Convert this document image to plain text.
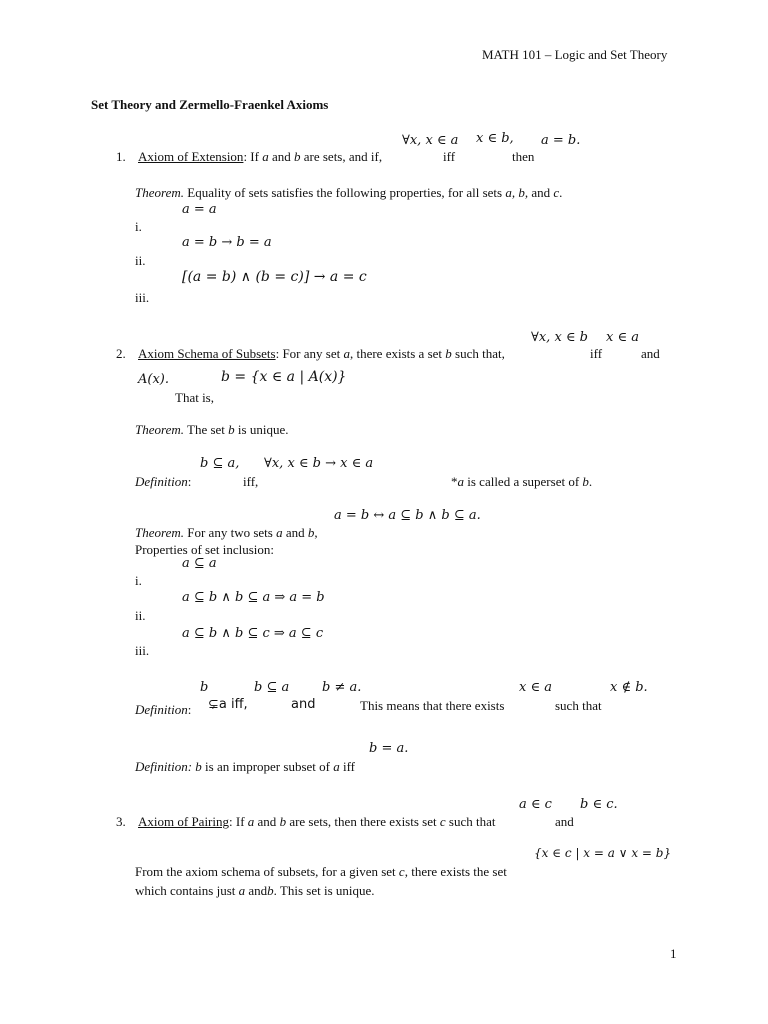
MATH 101 – Logic and Set Theory
Set Theory and Zermello-Fraenkel Axioms
∀x, x ∈ a x ∈ b, a = b.
1. Axiom of Extension: If a and b are sets, and if,	iff	then
Theorem. Equality of sets satisfies the following properties, for all sets a, b, and c.
a = a
i.
a = b → b = a
ii.
[(a = b) ∧ (b = c)] → a = c
iii.
∀x, x ∈ b x ∈ a
2. Axiom Schema of Subsets: For any set a, there exists a set b such that,	iff	and
A(x).	b = {x ∈ a | A(x)}
That is,
Theorem. The set b is unique.
b ⊆ a, ∀x, x ∈ b → x ∈ a
Definition:	iff,	*a is called a superset of b.
a = b ↔ a ⊆ b ∧ b ⊆ a.
Theorem. For any two sets a and b,
Properties of set inclusion:
a ⊆ a
i.
a ⊆ b ∧ b ⊆ a ⇒ a = b
ii.
a ⊆ b ∧ b ⊆ c ⇒ a ⊆ c
iii.
b	b ⊆ a	b ≠ a.	x ∈ a	x ∉ b.
Definition: ⊊a iff,	and	This means that there exists	such that
b = a.
Definition: b is an improper subset of a iff
a ∈ c b ∈ c.
3. Axiom of Pairing: If a and b are sets, then there exists set c such that	and
{x ∈ c | x = a ∨ x = b}
From the axiom schema of subsets, for a given set c, there exists the set
which contains just a andb. This set is unique.
1
